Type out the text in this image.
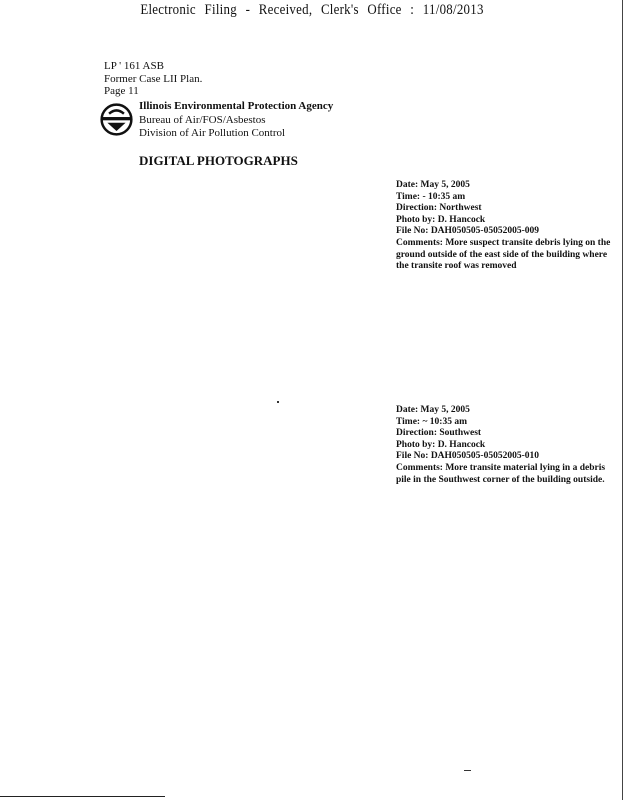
Electronic Filing - Received, Clerk's Office : 11/08/2013
LP ' 161 ASB
Former Case LII Plan.
Page 11
Illinois Environmental Protection Agency
Bureau of Air/FOS/Asbestos
Division of Air Pollution Control
DIGITAL PHOTOGRAPHS
Date: May 5, 2005
Time: - 10:35 am
Direction: Northwest
Photo by: D. Hancock
File No: DAH050505-05052005-009
Comments: More suspect transite debris lying on the ground outside of the east side of the building where the transite roof was removed
Date: May 5, 2005
Time: ~ 10:35 am
Direction: Southwest
Photo by: D. Hancock
File No: DAH050505-05052005-010
Comments: More transite material lying in a debris pile in the Southwest corner of the building outside.
